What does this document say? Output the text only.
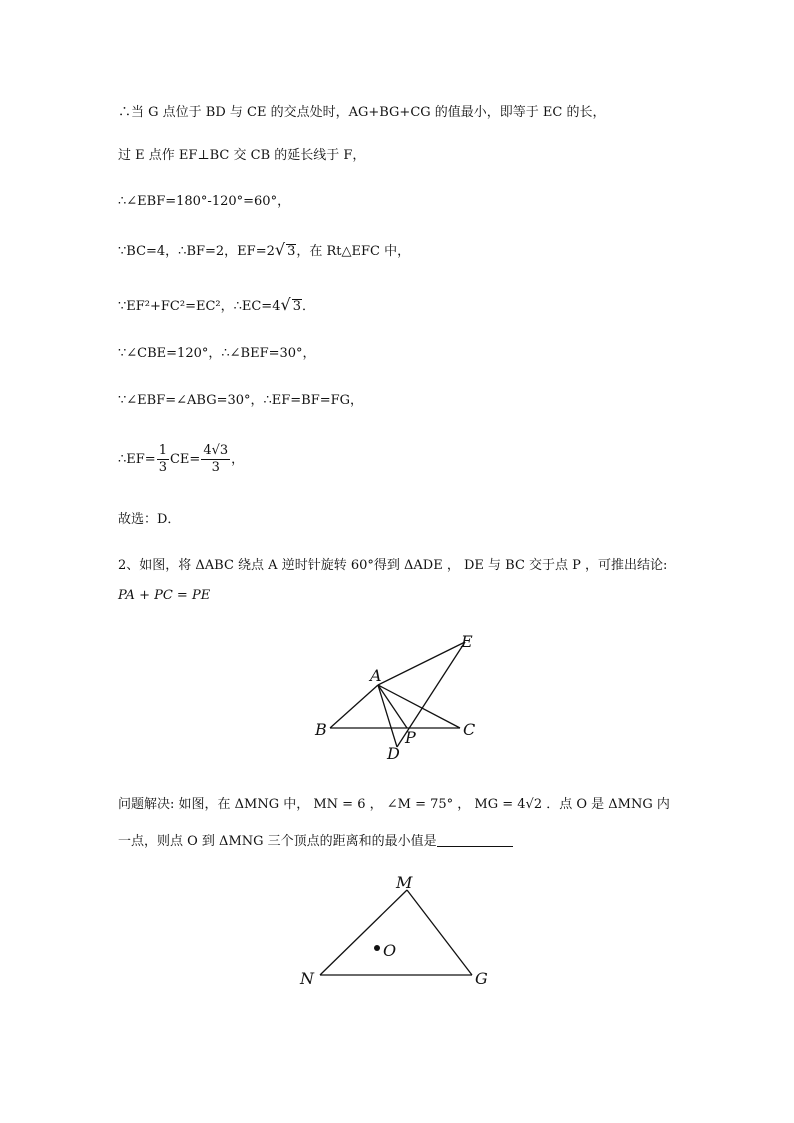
∴当 G 点位于 BD 与 CE 的交点处时，AG+BG+CG 的值最小，即等于 EC 的长，
过 E 点作 EF⊥BC 交 CB 的延长线于 F，
∴∠EBF=180°-120°=60°，
∵BC=4，∴BF=2，EF=2√ 3，在 Rt△EFC 中，
∵EF²+FC²=EC²，∴EC=4√ 3．
∵∠CBE=120°，∴∠BEF=30°，
∵∠EBF=∠ABG=30°，∴EF=BF=FG，
∴EF= $\frac{1}{3} CE= \frac{4√3}{3}$ ，
故选：D．
2、如图，将 ΔABC 绕点 A 逆时针旋转 60°得到 ΔADE ， DE 与 BC 交于点 P ，可推出结论:
PA + PC = PE
A
B	C
D
E
P
问题解决: 如图，在 ΔMNG 中， MN = 6 ， ∠M = 75° ， MG = 4√2 ．点 O 是 ΔMNG 内
一点，则点 O 到 ΔMNG 三个顶点的距离和的最小值是
M
N	G
O
